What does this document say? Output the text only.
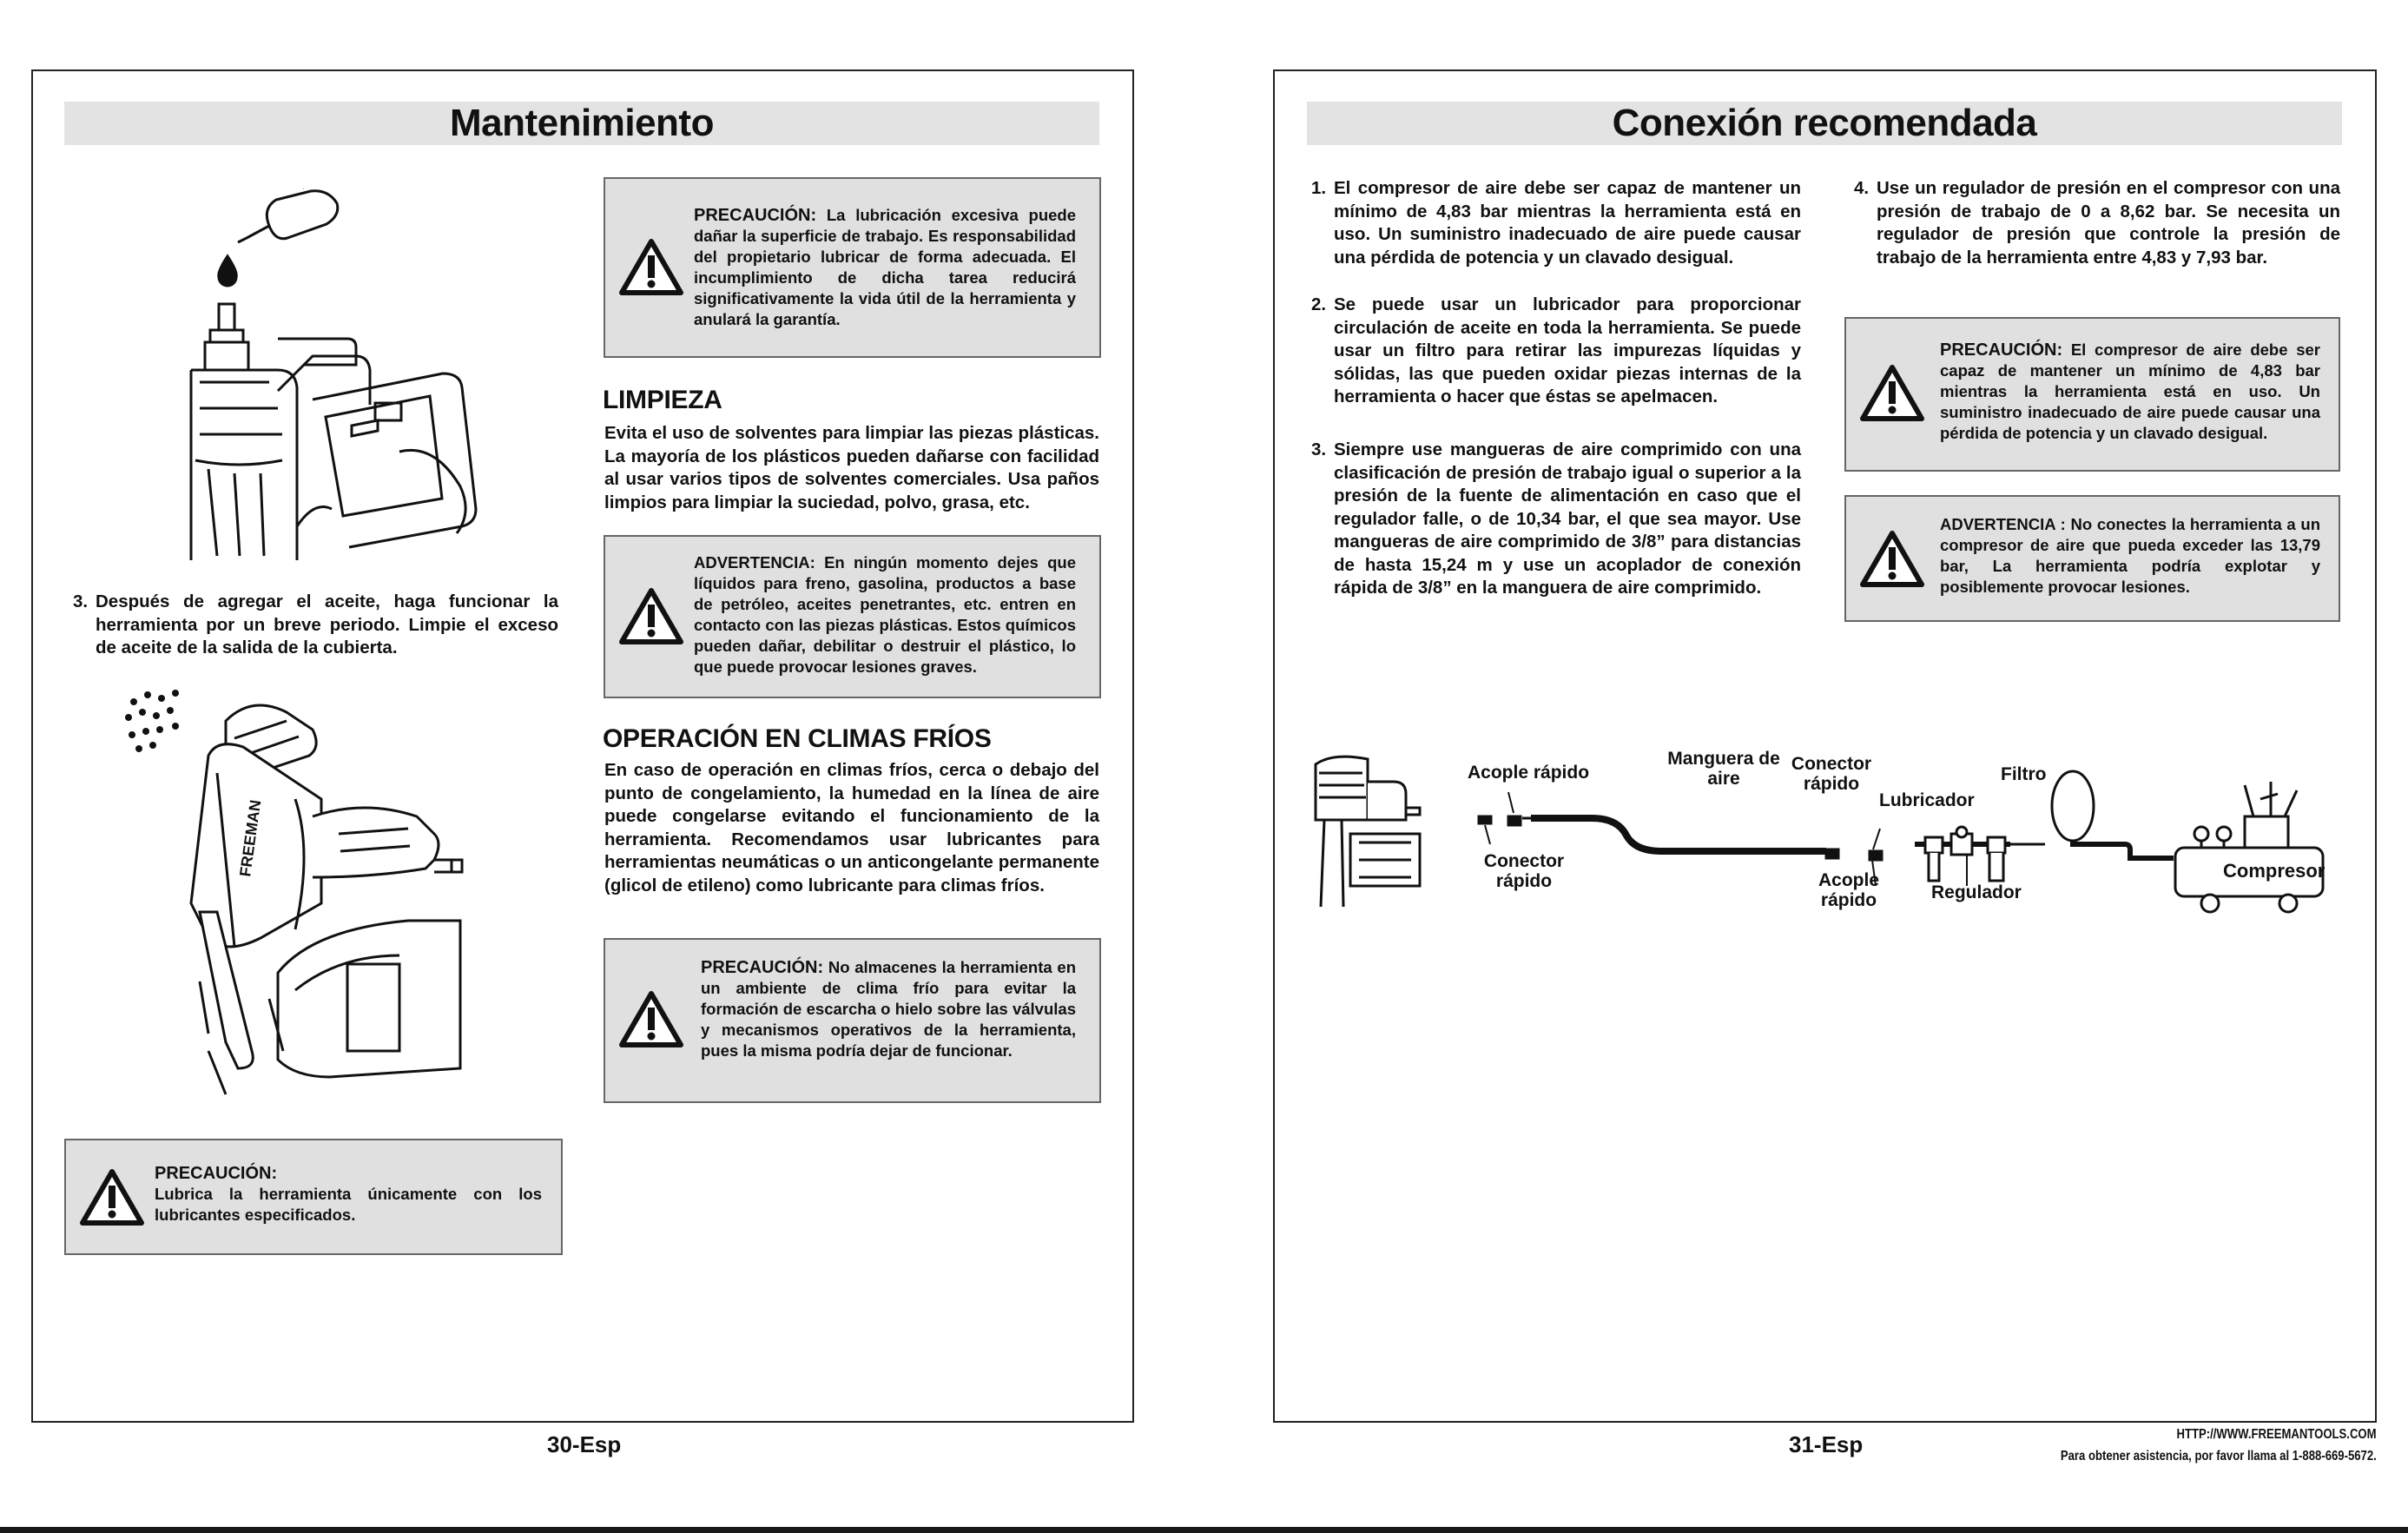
Mantenimiento
.
3. Después de agregar el aceite, haga funcionar la herramienta por un breve periodo. Limpie el exceso de aceite de la salida de la cubierta.
FREEMAN
PRECAUCIÓN:
Lubrica la herramienta únicamente con los lubricantes especificados.
PRECAUCIÓN: La lubricación excesiva puede dañar la superficie de trabajo. Es responsabilidad del propietario lubricar de forma adecuada. El incumplimiento de dicha tarea reducirá significativamente la vida útil de la herramienta y anulará la garantía.
LIMPIEZA

Evita el uso de solventes para limpiar las piezas plásticas. La mayoría de los plásticos pueden dañarse con facilidad al usar varios tipos de solventes comerciales. Usa paños limpios para limpiar la suciedad, polvo, grasa, etc.

ADVERTENCIA: En ningún momento dejes que líquidos para freno, gasolina, productos a base de petróleo, aceites penetrantes, etc. entren en contacto con las piezas plásticas. Estos químicos pueden dañar, debilitar o destruir el plástico, lo que puede provocar lesiones graves.
OPERACIÓN EN CLIMAS FRÍOS

En caso de operación en climas fríos, cerca o debajo del punto de congelamiento, la humedad en la línea de aire puede congelarse evitando el funcionamiento de la herramienta. Recomendamos usar lubricantes para herramientas neumáticas o un anticongelante permanente (glicol de etileno) como lubricante para climas fríos.

PRECAUCIÓN: No almacenes la herramienta en un ambiente de clima frío para evitar la formación de escarcha o hielo sobre las válvulas y mecanismos operativos de la herramienta, pues la misma podría dejar de funcionar.
30-Esp
Conexión recomendada
1. El compresor de aire debe ser capaz de mantener un mínimo de 4,83 bar mientras la herramienta está en uso. Un suministro inadecuado de aire puede causar una pérdida de potencia y un clavado desigual.
2. Se puede usar un lubricador para proporcionar circulación de aceite en toda la herramienta. Se puede usar un filtro para retirar las impurezas líquidas y sólidas, las que pueden oxidar piezas internas de la herramienta o hacer que éstas se apelmacen.
3. Siempre use mangueras de aire comprimido con una clasificación de presión de trabajo igual o superior a la presión de la fuente de alimentación en caso que el regulador falle, o de 10,34 bar, el que sea mayor. Use mangueras de aire comprimido de 3/8” para distancias de hasta 15,24 m y use un acoplador de conexión rápida de 3/8” en la manguera de aire comprimido.
4. Use un regulador de presión en el compresor con una presión de trabajo de 0 a 8,62 bar. Se necesita un regulador de presión que controle la presión de trabajo de la herramienta entre 4,83 y 7,93 bar.
PRECAUCIÓN: El compresor de aire debe ser capaz de mantener un mínimo de 4,83 bar mientras la herramienta está en uso. Un suministro inadecuado de aire puede causar una pérdida de potencia y un clavado desigual.
ADVERTENCIA : No conectes la herramienta a un compresor de aire que pueda exceder las 13,79 bar, La herramienta podría explotar y posiblemente provocar lesiones.
Compresor
Acople rápido
Conector rápido
Manguera de aire
Conector rápido
Acople rápido
Lubricador
Filtro
Regulador
31-Esp	HTTP://WWW.FREEMANTOOLS.COM
Para obtener asistencia, por favor llama al 1-888-669-5672.
